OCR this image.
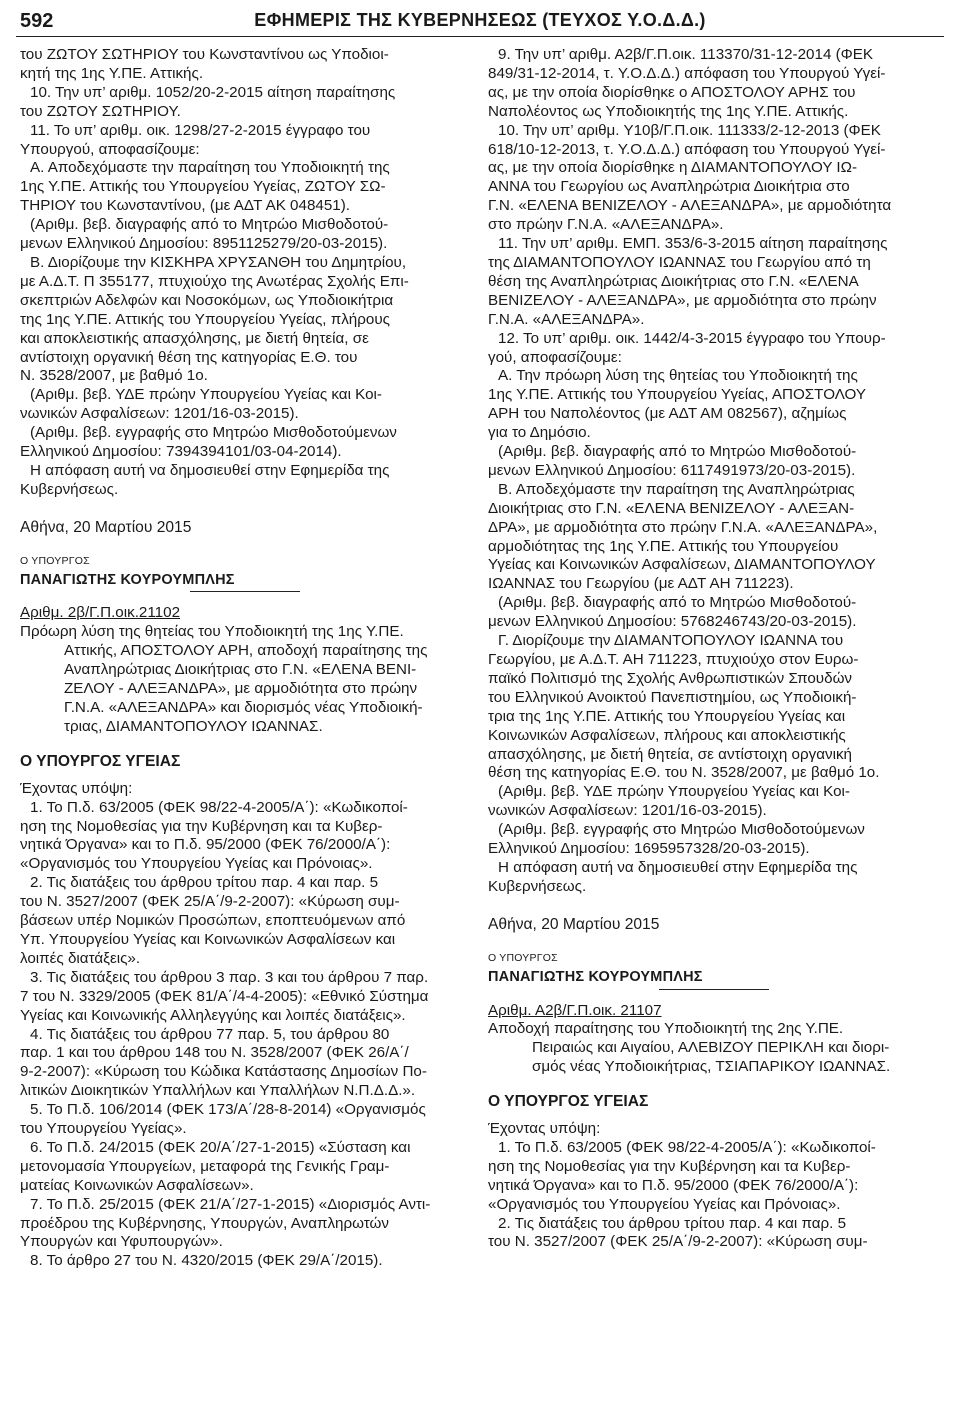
592	ΕΦΗΜΕΡΙΣ ΤΗΣ ΚΥΒΕΡΝΗΣΕΩΣ (ΤΕΥΧΟΣ Υ.Ο.Δ.Δ.)

του ΖΩΤΟΥ ΣΩΤΗΡΙΟΥ του Κωνσταντίνου ως Υποδιοι-

κητή της 1ης Υ.ΠΕ. Αττικής.

10. Την υπ’ αριθμ. 1052/20-2-2015 αίτηση παραίτησης

του ΖΩΤΟΥ ΣΩΤΗΡΙΟΥ.

11. Το υπ’ αριθμ. οικ. 1298/27-2-2015 έγγραφο του

Υπουργού, αποφασίζουμε:

Α. Αποδεχόμαστε την παραίτηση του Υποδιοικητή της

1ης Υ.ΠΕ. Αττικής του Υπουργείου Υγείας, ΖΩΤΟΥ ΣΩ-

ΤΗΡΙΟΥ του Κωνσταντίνου, (με ΑΔΤ ΑΚ 048451).

(Αριθμ. βεβ. διαγραφής από το Μητρώο Μισθοδοτού-

μενων Ελληνικού Δημοσίου: 8951125279/20-03-2015).

Β. Διορίζουμε την ΚΙΣΚΗΡΑ ΧΡΥΣΑΝΘΗ του Δημητρίου,

με Α.Δ.Τ. Π 355177, πτυχιούχο της Ανωτέρας Σχολής Επι-

σκεπτριών Αδελφών και Νοσοκόμων, ως Υποδιοικήτρια

της 1ης Υ.ΠΕ. Αττικής του Υπουργείου Υγείας, πλήρους

και αποκλειστικής απασχόλησης, με διετή θητεία, σε

αντίστοιχη οργανική θέση της κατηγορίας Ε.Θ. του

Ν. 3528/2007, με βαθμό 1ο.

(Αριθμ. βεβ. ΥΔΕ πρώην Υπουργείου Υγείας και Κοι-

νωνικών Ασφαλίσεων: 1201/16-03-2015).

(Αριθμ. βεβ. εγγραφής στο Μητρώο Μισθοδοτούμενων

Ελληνικού Δημοσίου: 7394394101/03-04-2014).

Η απόφαση αυτή να δημοσιευθεί στην Εφημερίδα της

Κυβερνήσεως.

Αθήνα, 20 Μαρτίου 2015

Ο ΥΠΟΥΡΓΟΣ

ΠΑΝΑΓΙΩΤΗΣ ΚΟΥΡΟΥΜΠΛΗΣ

Αριθμ. 2β/Γ.Π.οικ.21102

Πρόωρη λύση της θητείας του Υποδιοικητή της 1ης Υ.ΠΕ.

Αττικής, ΑΠΟΣΤΟΛΟΥ ΑΡΗ, αποδοχή παραίτησης της

Αναπληρώτριας Διοικήτριας στο Γ.Ν. «ΕΛΕΝΑ ΒΕΝΙ-

ΖΕΛΟΥ - ΑΛΕΞΑΝΔΡΑ», με αρμοδιότητα στο πρώην

Γ.Ν.Α. «ΑΛΕΞΑΝΔΡΑ» και διορισμός νέας Υποδιοική-

τριας, ΔΙΑΜΑΝΤΟΠΟΥΛΟΥ ΙΩΑΝΝΑΣ.

Ο ΥΠΟΥΡΓΟΣ ΥΓΕΙΑΣ

Έχοντας υπόψη:

1. Το Π.δ. 63/2005 (ΦΕΚ 98/22-4-2005/Α΄): «Κωδικοποί-

ηση της Νομοθεσίας για την Κυβέρνηση και τα Κυβερ-

νητικά Όργανα» και το Π.δ. 95/2000 (ΦΕΚ 76/2000/Α΄):

«Οργανισμός του Υπουργείου Υγείας και Πρόνοιας».

2. Τις διατάξεις του άρθρου τρίτου παρ. 4 και παρ. 5

του Ν. 3527/2007 (ΦΕΚ 25/Α΄/9-2-2007): «Κύρωση συμ-

βάσεων υπέρ Νομικών Προσώπων, εποπτευόμενων από

Υπ. Υπουργείου Υγείας και Κοινωνικών Ασφαλίσεων και

λοιπές διατάξεις».

3. Τις διατάξεις του άρθρου 3 παρ. 3 και του άρθρου 7 παρ.

7 του Ν. 3329/2005 (ΦΕΚ 81/Α΄/4-4-2005): «Εθνικό Σύστημα

Υγείας και Κοινωνικής Αλληλεγγύης και λοιπές διατάξεις».

4. Τις διατάξεις του άρθρου 77 παρ. 5, του άρθρου 80

παρ. 1 και του άρθρου 148 του Ν. 3528/2007 (ΦΕΚ 26/Α΄/

9-2-2007): «Κύρωση του Κώδικα Κατάστασης Δημοσίων Πο-

λιτικών Διοικητικών Υπαλλήλων και Υπαλλήλων Ν.Π.Δ.Δ.».

5. Το Π.δ. 106/2014 (ΦΕΚ 173/Α΄/28-8-2014) «Οργανισμός

του Υπουργείου Υγείας».

6. Το Π.δ. 24/2015 (ΦΕΚ 20/Α΄/27-1-2015) «Σύσταση και

μετονομασία Υπουργείων, μεταφορά της Γενικής Γραμ-

ματείας Κοινωνικών Ασφαλίσεων».

7. Το Π.δ. 25/2015 (ΦΕΚ 21/Α΄/27-1-2015) «Διορισμός Αντι-

προέδρου της Κυβέρνησης, Υπουργών, Αναπληρωτών

Υπουργών και Υφυπουργών».

8. Το άρθρο 27 του Ν. 4320/2015 (ΦΕΚ 29/Α΄/2015).

9. Την υπ’ αριθμ. Α2β/Γ.Π.οικ. 113370/31-12-2014 (ΦΕΚ

849/31-12-2014, τ. Υ.Ο.Δ.Δ.) απόφαση του Υπουργού Υγεί-

ας, με την οποία διορίσθηκε ο ΑΠΟΣΤΟΛΟΥ ΑΡΗΣ του

Ναπολέοντος ως Υποδιοικητής της 1ης Υ.ΠΕ. Αττικής.

10. Την υπ’ αριθμ. Υ10β/Γ.Π.οικ. 111333/2-12-2013 (ΦΕΚ

618/10-12-2013, τ. Υ.Ο.Δ.Δ.) απόφαση του Υπουργού Υγεί-

ας, με την οποία διορίσθηκε η ΔΙΑΜΑΝΤΟΠΟΥΛΟΥ ΙΩ-

ΑΝΝΑ του Γεωργίου ως Αναπληρώτρια Διοικήτρια στο

Γ.Ν. «ΕΛΕΝΑ ΒΕΝΙΖΕΛΟΥ - ΑΛΕΞΑΝΔΡΑ», με αρμοδιότητα

στο πρώην Γ.Ν.Α. «ΑΛΕΞΑΝΔΡΑ».

11. Την υπ’ αριθμ. ΕΜΠ. 353/6-3-2015 αίτηση παραίτησης

της ΔΙΑΜΑΝΤΟΠΟΥΛΟΥ ΙΩΑΝΝΑΣ του Γεωργίου από τη

θέση της Αναπληρώτριας Διοικήτριας στο Γ.Ν. «ΕΛΕΝΑ

ΒΕΝΙΖΕΛΟΥ - ΑΛΕΞΑΝΔΡΑ», με αρμοδιότητα στο πρώην

Γ.Ν.Α. «ΑΛΕΞΑΝΔΡΑ».

12. Το υπ’ αριθμ. οικ. 1442/4-3-2015 έγγραφο του Υπουρ-

γού, αποφασίζουμε:

Α. Την πρόωρη λύση της θητείας του Υποδιοικητή της

1ης Υ.ΠΕ. Αττικής του Υπουργείου Υγείας, ΑΠΟΣΤΟΛΟΥ

ΑΡΗ του Ναπολέοντος (με ΑΔΤ ΑΜ 082567), αζημίως

για το Δημόσιο.

(Αριθμ. βεβ. διαγραφής από το Μητρώο Μισθοδοτού-

μενων Ελληνικού Δημοσίου: 6117491973/20-03-2015).

Β. Αποδεχόμαστε την παραίτηση της Αναπληρώτριας

Διοικήτριας στο Γ.Ν. «ΕΛΕΝΑ ΒΕΝΙΖΕΛΟΥ - ΑΛΕΞΑΝ-

ΔΡΑ», με αρμοδιότητα στο πρώην Γ.Ν.Α. «ΑΛΕΞΑΝΔΡΑ»,

αρμοδιότητας της 1ης Υ.ΠΕ. Αττικής του Υπουργείου

Υγείας και Κοινωνικών Ασφαλίσεων, ΔΙΑΜΑΝΤΟΠΟΥΛΟΥ

ΙΩΑΝΝΑΣ του Γεωργίου (με ΑΔΤ ΑΗ 711223).

(Αριθμ. βεβ. διαγραφής από το Μητρώο Μισθοδοτού-

μενων Ελληνικού Δημοσίου: 5768246743/20-03-2015).

Γ. Διορίζουμε την ΔΙΑΜΑΝΤΟΠΟΥΛΟΥ ΙΩΑΝΝΑ του

Γεωργίου, με Α.Δ.Τ. ΑΗ 711223, πτυχιούχο στον Ευρω-

παϊκό Πολιτισμό της Σχολής Ανθρωπιστικών Σπουδών

του Ελληνικού Ανοικτού Πανεπιστημίου, ως Υποδιοική-

τρια της 1ης Υ.ΠΕ. Αττικής του Υπουργείου Υγείας και

Κοινωνικών Ασφαλίσεων, πλήρους και αποκλειστικής

απασχόλησης, με διετή θητεία, σε αντίστοιχη οργανική

θέση της κατηγορίας Ε.Θ. του Ν. 3528/2007, με βαθμό 1ο.

(Αριθμ. βεβ. ΥΔΕ πρώην Υπουργείου Υγείας και Κοι-

νωνικών Ασφαλίσεων: 1201/16-03-2015).

(Αριθμ. βεβ. εγγραφής στο Μητρώο Μισθοδοτούμενων

Ελληνικού Δημοσίου: 1695957328/20-03-2015).

Η απόφαση αυτή να δημοσιευθεί στην Εφημερίδα της

Κυβερνήσεως.

Αθήνα, 20 Μαρτίου 2015

Ο ΥΠΟΥΡΓΟΣ

ΠΑΝΑΓΙΩΤΗΣ ΚΟΥΡΟΥΜΠΛΗΣ

Αριθμ. Α2β/Γ.Π.οικ. 21107

Αποδοχή παραίτησης του Υποδιοικητή της 2ης Υ.ΠΕ.

Πειραιώς και Αιγαίου, ΑΛΕΒΙΖΟΥ ΠΕΡΙΚΛΗ και διορι-

σμός νέας Υποδιοικήτριας, ΤΣΙΑΠΑΡΙΚΟΥ ΙΩΑΝΝΑΣ.

Ο ΥΠΟΥΡΓΟΣ ΥΓΕΙΑΣ

Έχοντας υπόψη:

1. Το Π.δ. 63/2005 (ΦΕΚ 98/22-4-2005/Α΄): «Κωδικοποί-

ηση της Νομοθεσίας για την Κυβέρνηση και τα Κυβερ-

νητικά Όργανα» και το Π.δ. 95/2000 (ΦΕΚ 76/2000/Α΄):

«Οργανισμός του Υπουργείου Υγείας και Πρόνοιας».

2. Τις διατάξεις του άρθρου τρίτου παρ. 4 και παρ. 5

του Ν. 3527/2007 (ΦΕΚ 25/Α΄/9-2-2007): «Κύρωση συμ-
